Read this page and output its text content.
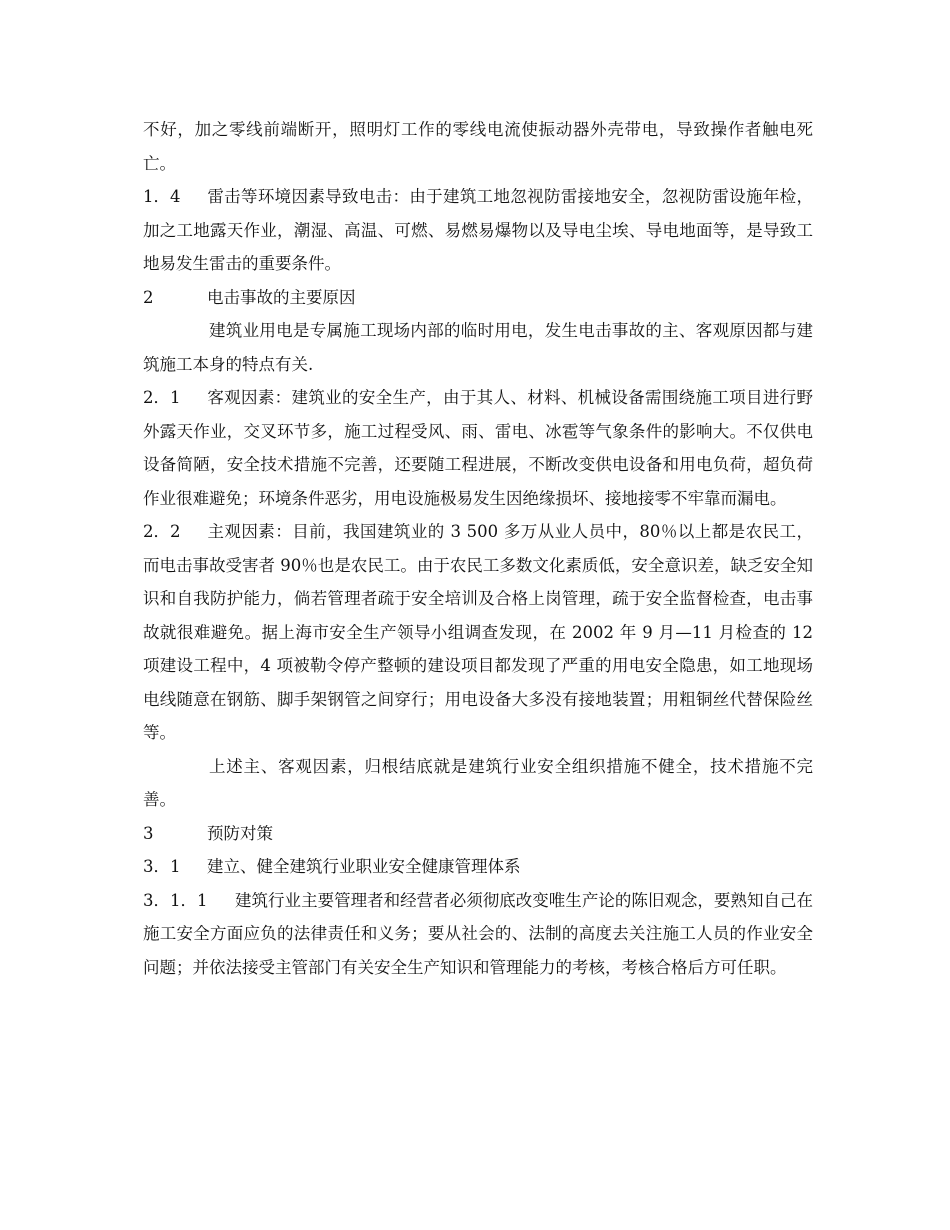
不好，加之零线前端断开，照明灯工作的零线电流使振动器外壳带电，导致操作者触电死亡。

1．4 雷击等环境因素导致电击：由于建筑工地忽视防雷接地安全，忽视防雷设施年检，加之工地露天作业，潮湿、高温、可燃、易燃易爆物以及导电尘埃、导电地面等，是导致工地易发生雷击的重要条件。

2	电击事故的主要原因

建筑业用电是专属施工现场内部的临时用电，发生电击事故的主、客观原因都与建筑施工本身的特点有关.

2．1 客观因素：建筑业的安全生产，由于其人、材料、机械设备需围绕施工项目进行野外露天作业，交叉环节多，施工过程受风、雨、雷电、冰雹等气象条件的影响大。不仅供电设备简陋，安全技术措施不完善，还要随工程进展，不断改变供电设备和用电负荷，超负荷作业很难避免；环境条件恶劣，用电设施极易发生因绝缘损坏、接地接零不牢靠而漏电。

2．2 主观因素：目前，我国建筑业的 3 500 多万从业人员中，80％以上都是农民工，而电击事故受害者 90％也是农民工。由于农民工多数文化素质低，安全意识差，缺乏安全知识和自我防护能力，倘若管理者疏于安全培训及合格上岗管理，疏于安全监督检查，电击事故就很难避免。据上海市安全生产领导小组调查发现，在 2002 年 9 月—11 月检查的 12 项建设工程中，4 项被勒令停产整顿的建设项目都发现了严重的用电安全隐患，如工地现场电线随意在钢筋、脚手架钢管之间穿行；用电设备大多没有接地装置；用粗铜丝代替保险丝等。

上述主、客观因素，归根结底就是建筑行业安全组织措施不健全，技术措施不完善。

3	预防对策

3．1 建立、健全建筑行业职业安全健康管理体系

3．1．1 建筑行业主要管理者和经营者必须彻底改变唯生产论的陈旧观念，要熟知自己在施工安全方面应负的法律责任和义务；要从社会的、法制的高度去关注施工人员的作业安全问题；并依法接受主管部门有关安全生产知识和管理能力的考核，考核合格后方可任职。
